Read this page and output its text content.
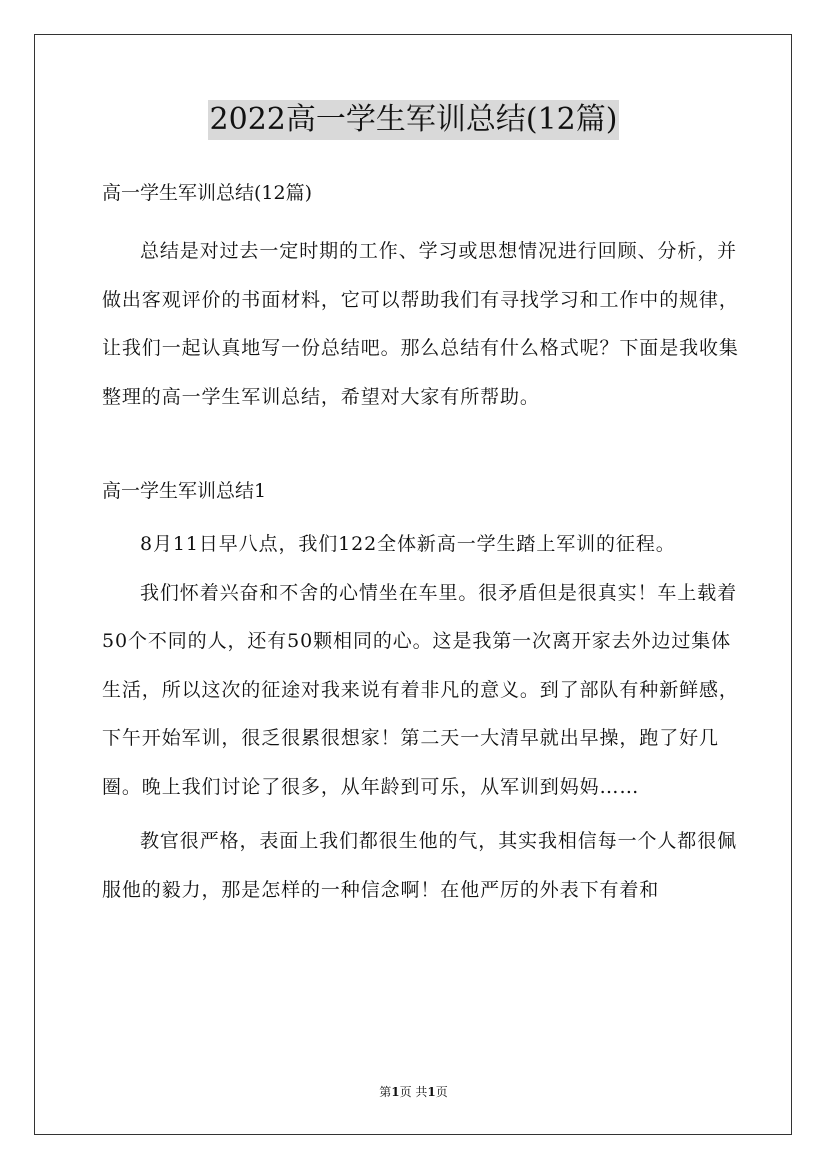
2022高一学生军训总结(12篇)

高一学生军训总结(12篇)

总结是对过去一定时期的工作、学习或思想情况进行回顾、分析，并做出客观评价的书面材料，它可以帮助我们有寻找学习和工作中的规律，让我们一起认真地写一份总结吧。那么总结有什么格式呢？下面是我收集整理的高一学生军训总结，希望对大家有所帮助。

高一学生军训总结1

8月11日早八点，我们122全体新高一学生踏上军训的征程。

我们怀着兴奋和不舍的心情坐在车里。很矛盾但是很真实！车上载着50个不同的人，还有50颗相同的心。这是我第一次离开家去外边过集体生活，所以这次的征途对我来说有着非凡的意义。到了部队有种新鲜感，下午开始军训，很乏很累很想家！第二天一大清早就出早操，跑了好几圈。晚上我们讨论了很多，从年龄到可乐，从军训到妈妈……

教官很严格，表面上我们都很生他的气，其实我相信每一个人都很佩服他的毅力，那是怎样的一种信念啊！在他严厉的外表下有着和

第1页 共1页
